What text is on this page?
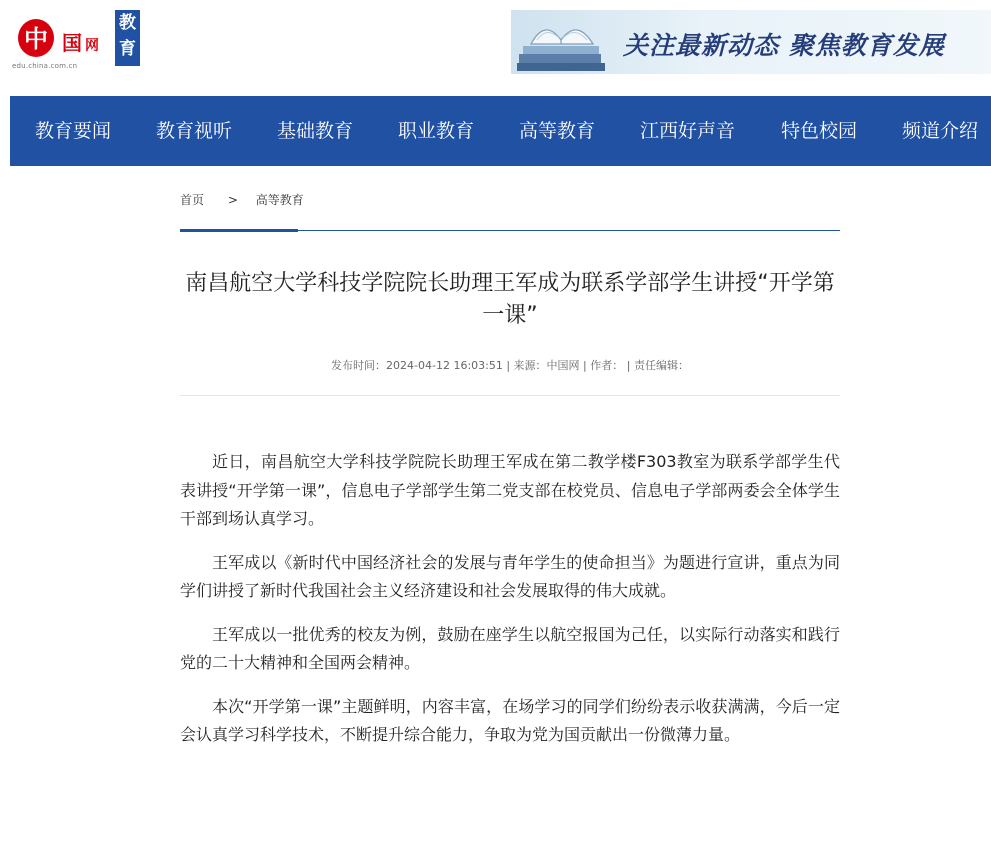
中 国 网
edu.china.com.cn
教
育	关注最新动态 聚焦教育发展
教育要闻 教育视听 基础教育 职业教育 高等教育 江西好声音 特色校园 频道介绍
首页 > 高等教育
南昌航空大学科技学院院长助理王军成为联系学部学生讲授“开学第一课”
发布时间：2024-04-12 16:03:51 | 来源：中国网 | 作者： | 责任编辑：

近日，南昌航空大学科技学院院长助理王军成在第二教学楼F303教室为联系学部学生代表讲授“开学第一课”，信息电子学部学生第二党支部在校党员、信息电子学部两委会全体学生干部到场认真学习。

王军成以《新时代中国经济社会的发展与青年学生的使命担当》为题进行宣讲，重点为同学们讲授了新时代我国社会主义经济建设和社会发展取得的伟大成就。

王军成以一批优秀的校友为例，鼓励在座学生以航空报国为己任，以实际行动落实和践行党的二十大精神和全国两会精神。

本次“开学第一课”主题鲜明，内容丰富，在场学习的同学们纷纷表示收获满满，今后一定会认真学习科学技术，不断提升综合能力，争取为党为国贡献出一份微薄力量。
